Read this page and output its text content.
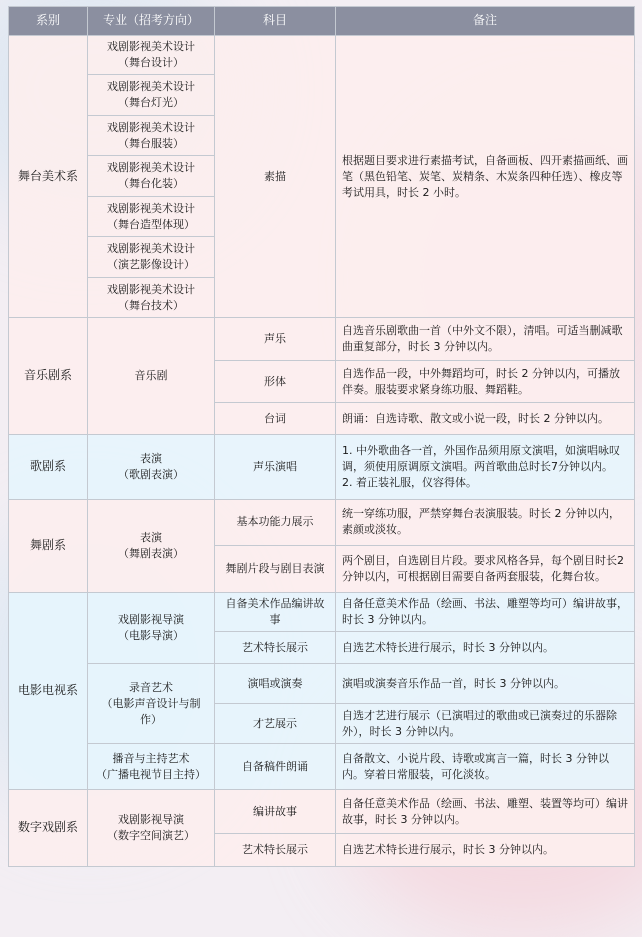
系别	专业（招考方向）	科目	备注
舞台美术系	戏剧影视美术设计
（舞台设计）	素描	根据题目要求进行素描考试，自备画板、四开素描画纸、画笔（黑色铅笔、炭笔、炭精条、木炭条四种任选）、橡皮等考试用具，时长 2 小时。
	戏剧影视美术设计
（舞台灯光）		
	戏剧影视美术设计
（舞台服装）		
	戏剧影视美术设计
（舞台化装）		
	戏剧影视美术设计
（舞台造型体现）		
	戏剧影视美术设计
（演艺影像设计）		
	戏剧影视美术设计
（舞台技术）		
音乐剧系	音乐剧	声乐	自选音乐剧歌曲一首（中外文不限），清唱。可适当删减歌曲重复部分，时长 3 分钟以内。
		形体	自选作品一段，中外舞蹈均可，时长 2 分钟以内，可播放伴奏。服装要求紧身练功服、舞蹈鞋。
		台词	朗诵：自选诗歌、散文或小说一段，时长 2 分钟以内。
歌剧系	表演
（歌剧表演）	声乐演唱	1. 中外歌曲各一首，外国作品须用原文演唱，如演唱咏叹调，须使用原调原文演唱。两首歌曲总时长7分钟以内。
2. 着正装礼服，仪容得体。
舞剧系	表演
（舞剧表演）	基本功能力展示	统一穿练功服，严禁穿舞台表演服装。时长 2 分钟以内，素颜或淡妆。
		舞剧片段与剧目表演	两个剧目，自选剧目片段。要求风格各异，每个剧目时长2分钟以内，可根据剧目需要自备两套服装，化舞台妆。
电影电视系	戏剧影视导演
（电影导演）	自备美术作品编讲故事	自备任意美术作品（绘画、书法、雕塑等均可）编讲故事，时长 3 分钟以内。
		艺术特长展示	自选艺术特长进行展示，时长 3 分钟以内。
	录音艺术
（电影声音设计与制作）	演唱或演奏	演唱或演奏音乐作品一首，时长 3 分钟以内。
		才艺展示	自选才艺进行展示（已演唱过的歌曲或已演奏过的乐器除外），时长 3 分钟以内。
	播音与主持艺术
（广播电视节目主持）	自备稿件朗诵	自备散文、小说片段、诗歌或寓言一篇，时长 3 分钟以内。穿着日常服装，可化淡妆。
数字戏剧系	戏剧影视导演
（数字空间演艺）	编讲故事	自备任意美术作品（绘画、书法、雕塑、装置等均可）编讲故事，时长 3 分钟以内。
		艺术特长展示	自选艺术特长进行展示，时长 3 分钟以内。
